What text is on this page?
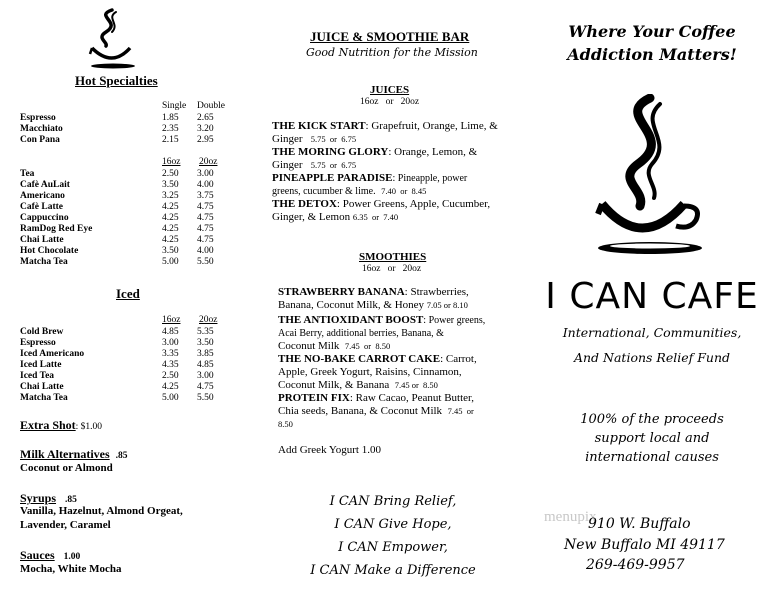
Hot Specialties
Single Double
Espresso	1.85 2.65
Macchiato	2.35 3.20
Con Pana	2.15 2.95
16oz 20oz
Tea	2.50 3.00
Cafè AuLait	3.50 4.00
Americano	3.25 3.75
Cafè Latte	4.25 4.75
Cappuccino	4.25 4.75
RamDog Red Eye	4.25 4.75
Chai Latte	4.25 4.75
Hot Chocolate	3.50 4.00
Matcha Tea	5.00 5.50
Iced
16oz 20oz
Cold Brew	4.85 5.35
Espresso	3.00 3.50
Iced Americano	3.35 3.85
Iced Latte	4.35 4.85
Iced Tea	2.50 3.00
Chai Latte	4.25 4.75
Matcha Tea	5.00 5.50
Extra Shot: $1.00
Milk Alternatives .85
Coconut or Almond
Syrups .85
Vanilla, Hazelnut, Almond Orgeat,
Lavender, Caramel
Sauces 1.00
Mocha, White Mocha
JUICE & SMOOTHIE BAR
Good Nutrition for the Mission
JUICES
16oz   or   20oz
THE KICK START: Grapefruit, Orange, Lime, &
Ginger 5.75  or  6.75
THE MORING GLORY: Orange, Lemon, &
Ginger 5.75  or  6.75
PINEAPPLE PARADISE: Pineapple, power
greens, cucumber & lime. 7.40  or  8.45
THE DETOX: Power Greens, Apple, Cucumber,
Ginger, & Lemon 6.35  or  7.40
SMOOTHIES
16oz   or   20oz
STRAWBERRY BANANA: Strawberries,
Banana, Coconut Milk, & Honey 7.05 or 8.10
THE ANTIOXIDANT BOOST: Power greens,
Acai Berry, additional berries, Banana, &
Coconut Milk 7.45  or  8.50
THE NO-BAKE CARROT CAKE: Carrot,
Apple, Greek Yogurt, Raisins, Cinnamon,
Coconut Milk, & Banana 7.45 or  8.50
PROTEIN FIX: Raw Cacao, Peanut Butter,
Chia seeds, Banana, & Coconut Milk 7.45  or
8.50
Add Greek Yogurt 1.00
I CAN Bring Relief,
I CAN Give Hope,
I CAN Empower,
I CAN Make a Difference
Where Your Coffee
Addiction Matters!
I CAN CAFE
International, Communities,
And Nations Relief Fund
100% of the proceeds
support local and
international causes
menupix
910 W. Buffalo
New Buffalo MI 49117
269-469-9957
